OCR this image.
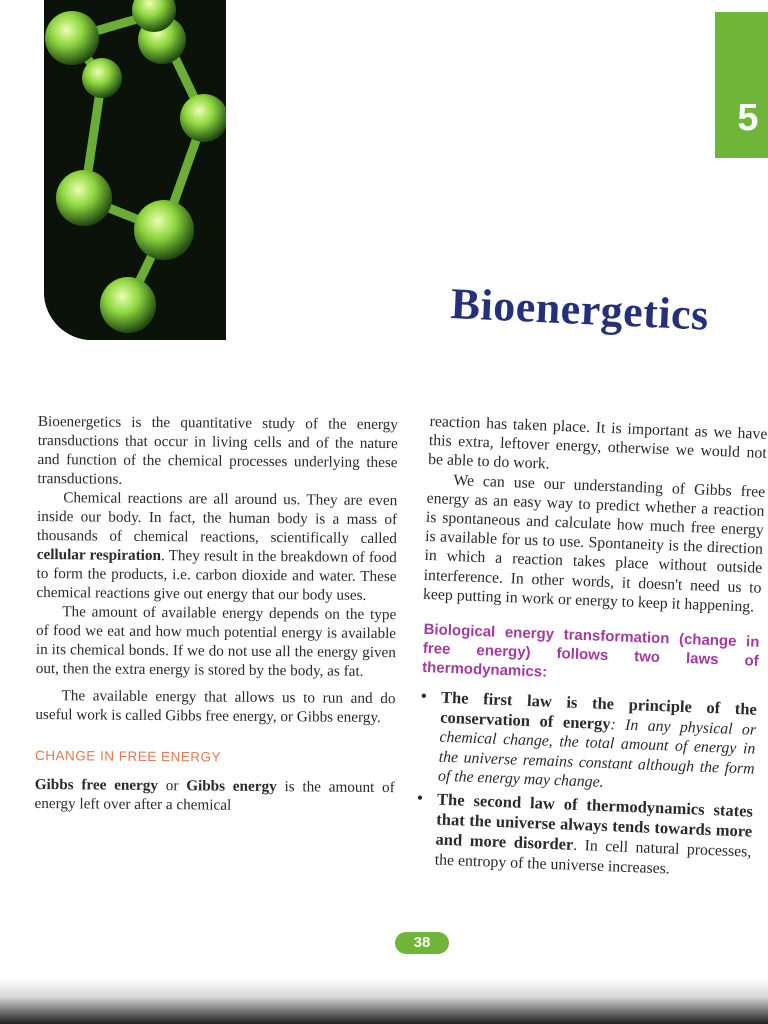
5
Bioenergetics

Bioenergetics is the quantitative study of the energy transductions that occur in living cells and of the nature and function of the chemical processes underlying these transductions.

Chemical reactions are all around us. They are even inside our body. In fact, the human body is a mass of thousands of chemical reactions, scientifically called cellular respiration. They result in the breakdown of food to form the products, i.e. carbon dioxide and water. These chemical reactions give out energy that our body uses.

The amount of available energy depends on the type of food we eat and how much potential energy is available in its chemical bonds. If we do not use all the energy given out, then the extra energy is stored by the body, as fat.

The available energy that allows us to run and do useful work is called Gibbs free energy, or Gibbs energy.

CHANGE IN FREE ENERGY

Gibbs free energy or Gibbs energy is the amount of energy left over after a chemical

reaction has taken place. It is important as we have this extra, leftover energy, otherwise we would not be able to do work.

We can use our understanding of Gibbs free energy as an easy way to predict whether a reaction is spontaneous and calculate how much free energy is available for us to use. Spontaneity is the direction in which a reaction takes place without outside interference. In other words, it doesn't need us to keep putting in work or energy to keep it happening.

Biological energy transformation (change in free energy) follows two laws of thermodynamics:
• The first law is the principle of the conservation of energy: In any physical or chemical change, the total amount of energy in the universe remains constant although the form of the energy may change.
• The second law of thermodynamics states that the universe always tends towards more and more disorder. In cell natural processes, the entropy of the universe increases.
38
